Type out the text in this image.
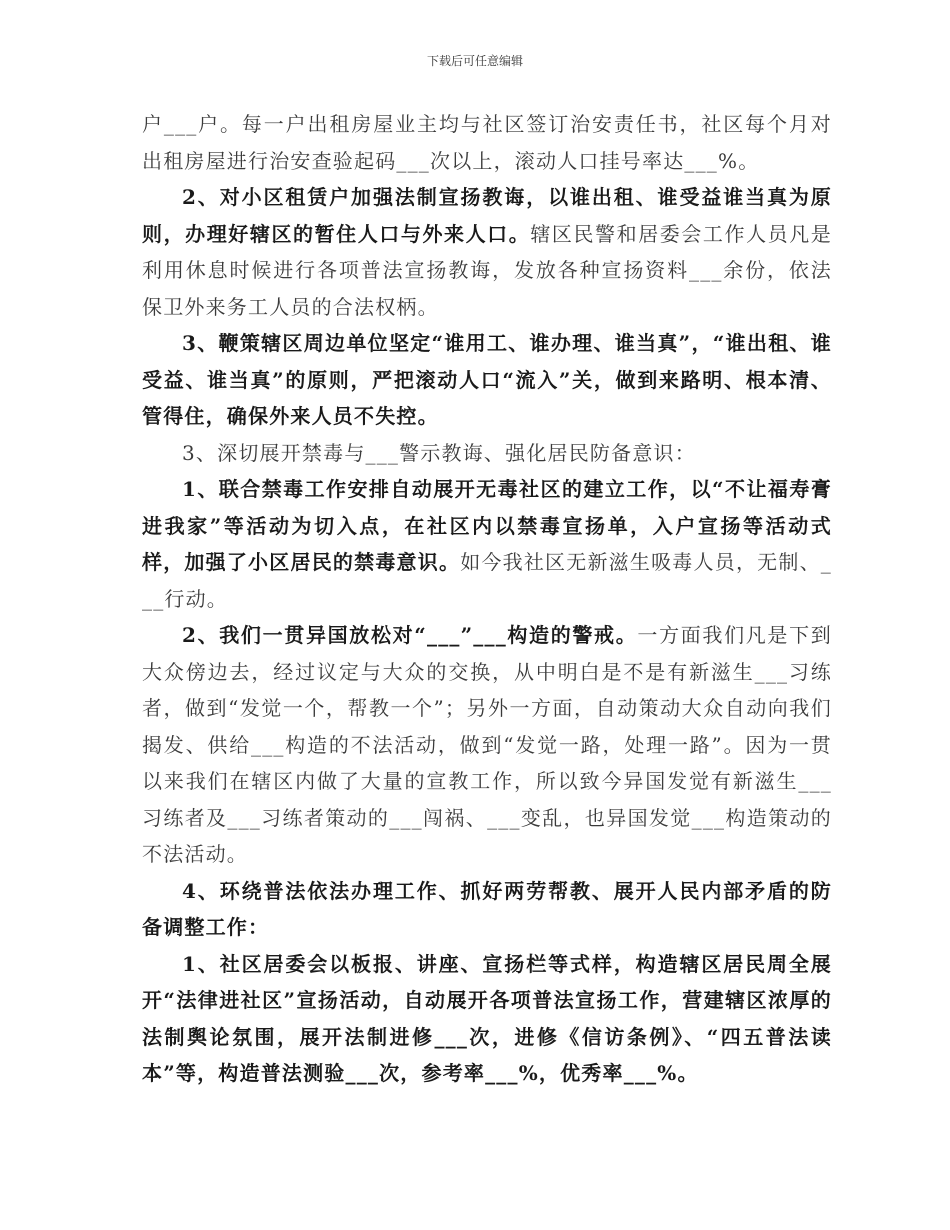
下载后可任意编辑

户___户。每一户出租房屋业主均与社区签订治安责任书，社区每个月对出租房屋进行治安查验起码___次以上，滚动人口挂号率达___%。

2、对小区租赁户加强法制宣扬教诲，以谁出租、谁受益谁当真为原则，办理好辖区的暂住人口与外来人口。辖区民警和居委会工作人员凡是利用休息时候进行各项普法宣扬教诲，发放各种宣扬资料___余份，依法保卫外来务工人员的合法权柄。

3、鞭策辖区周边单位坚定“谁用工、谁办理、谁当真”，“谁出租、谁受益、谁当真”的原则，严把滚动人口“流入”关，做到来路明、根本清、管得住，确保外来人员不失控。

3、深切展开禁毒与___警示教诲、强化居民防备意识：

1、联合禁毒工作安排自动展开无毒社区的建立工作，以“不让福寿膏进我家”等活动为切入点，在社区内以禁毒宣扬单，入户宣扬等活动式样，加强了小区居民的禁毒意识。如今我社区无新滋生吸毒人员，无制、___行动。

2、我们一贯异国放松对“___”___构造的警戒。一方面我们凡是下到大众傍边去，经过议定与大众的交换，从中明白是不是有新滋生___习练者，做到“发觉一个，帮教一个”；另外一方面，自动策动大众自动向我们揭发、供给___构造的不法活动，做到“发觉一路，处理一路”。因为一贯以来我们在辖区内做了大量的宣教工作，所以致今异国发觉有新滋生___习练者及___习练者策动的___闯祸、___变乱，也异国发觉___构造策动的不法活动。

4、环绕普法依法办理工作、抓好两劳帮教、展开人民内部矛盾的防备调整工作：

1、社区居委会以板报、讲座、宣扬栏等式样，构造辖区居民周全展开“法律进社区”宣扬活动，自动展开各项普法宣扬工作，营建辖区浓厚的法制舆论氛围，展开法制进修___次，进修《信访条例》、“四五普法读本”等，构造普法测验___次，参考率___%，优秀率___%。
